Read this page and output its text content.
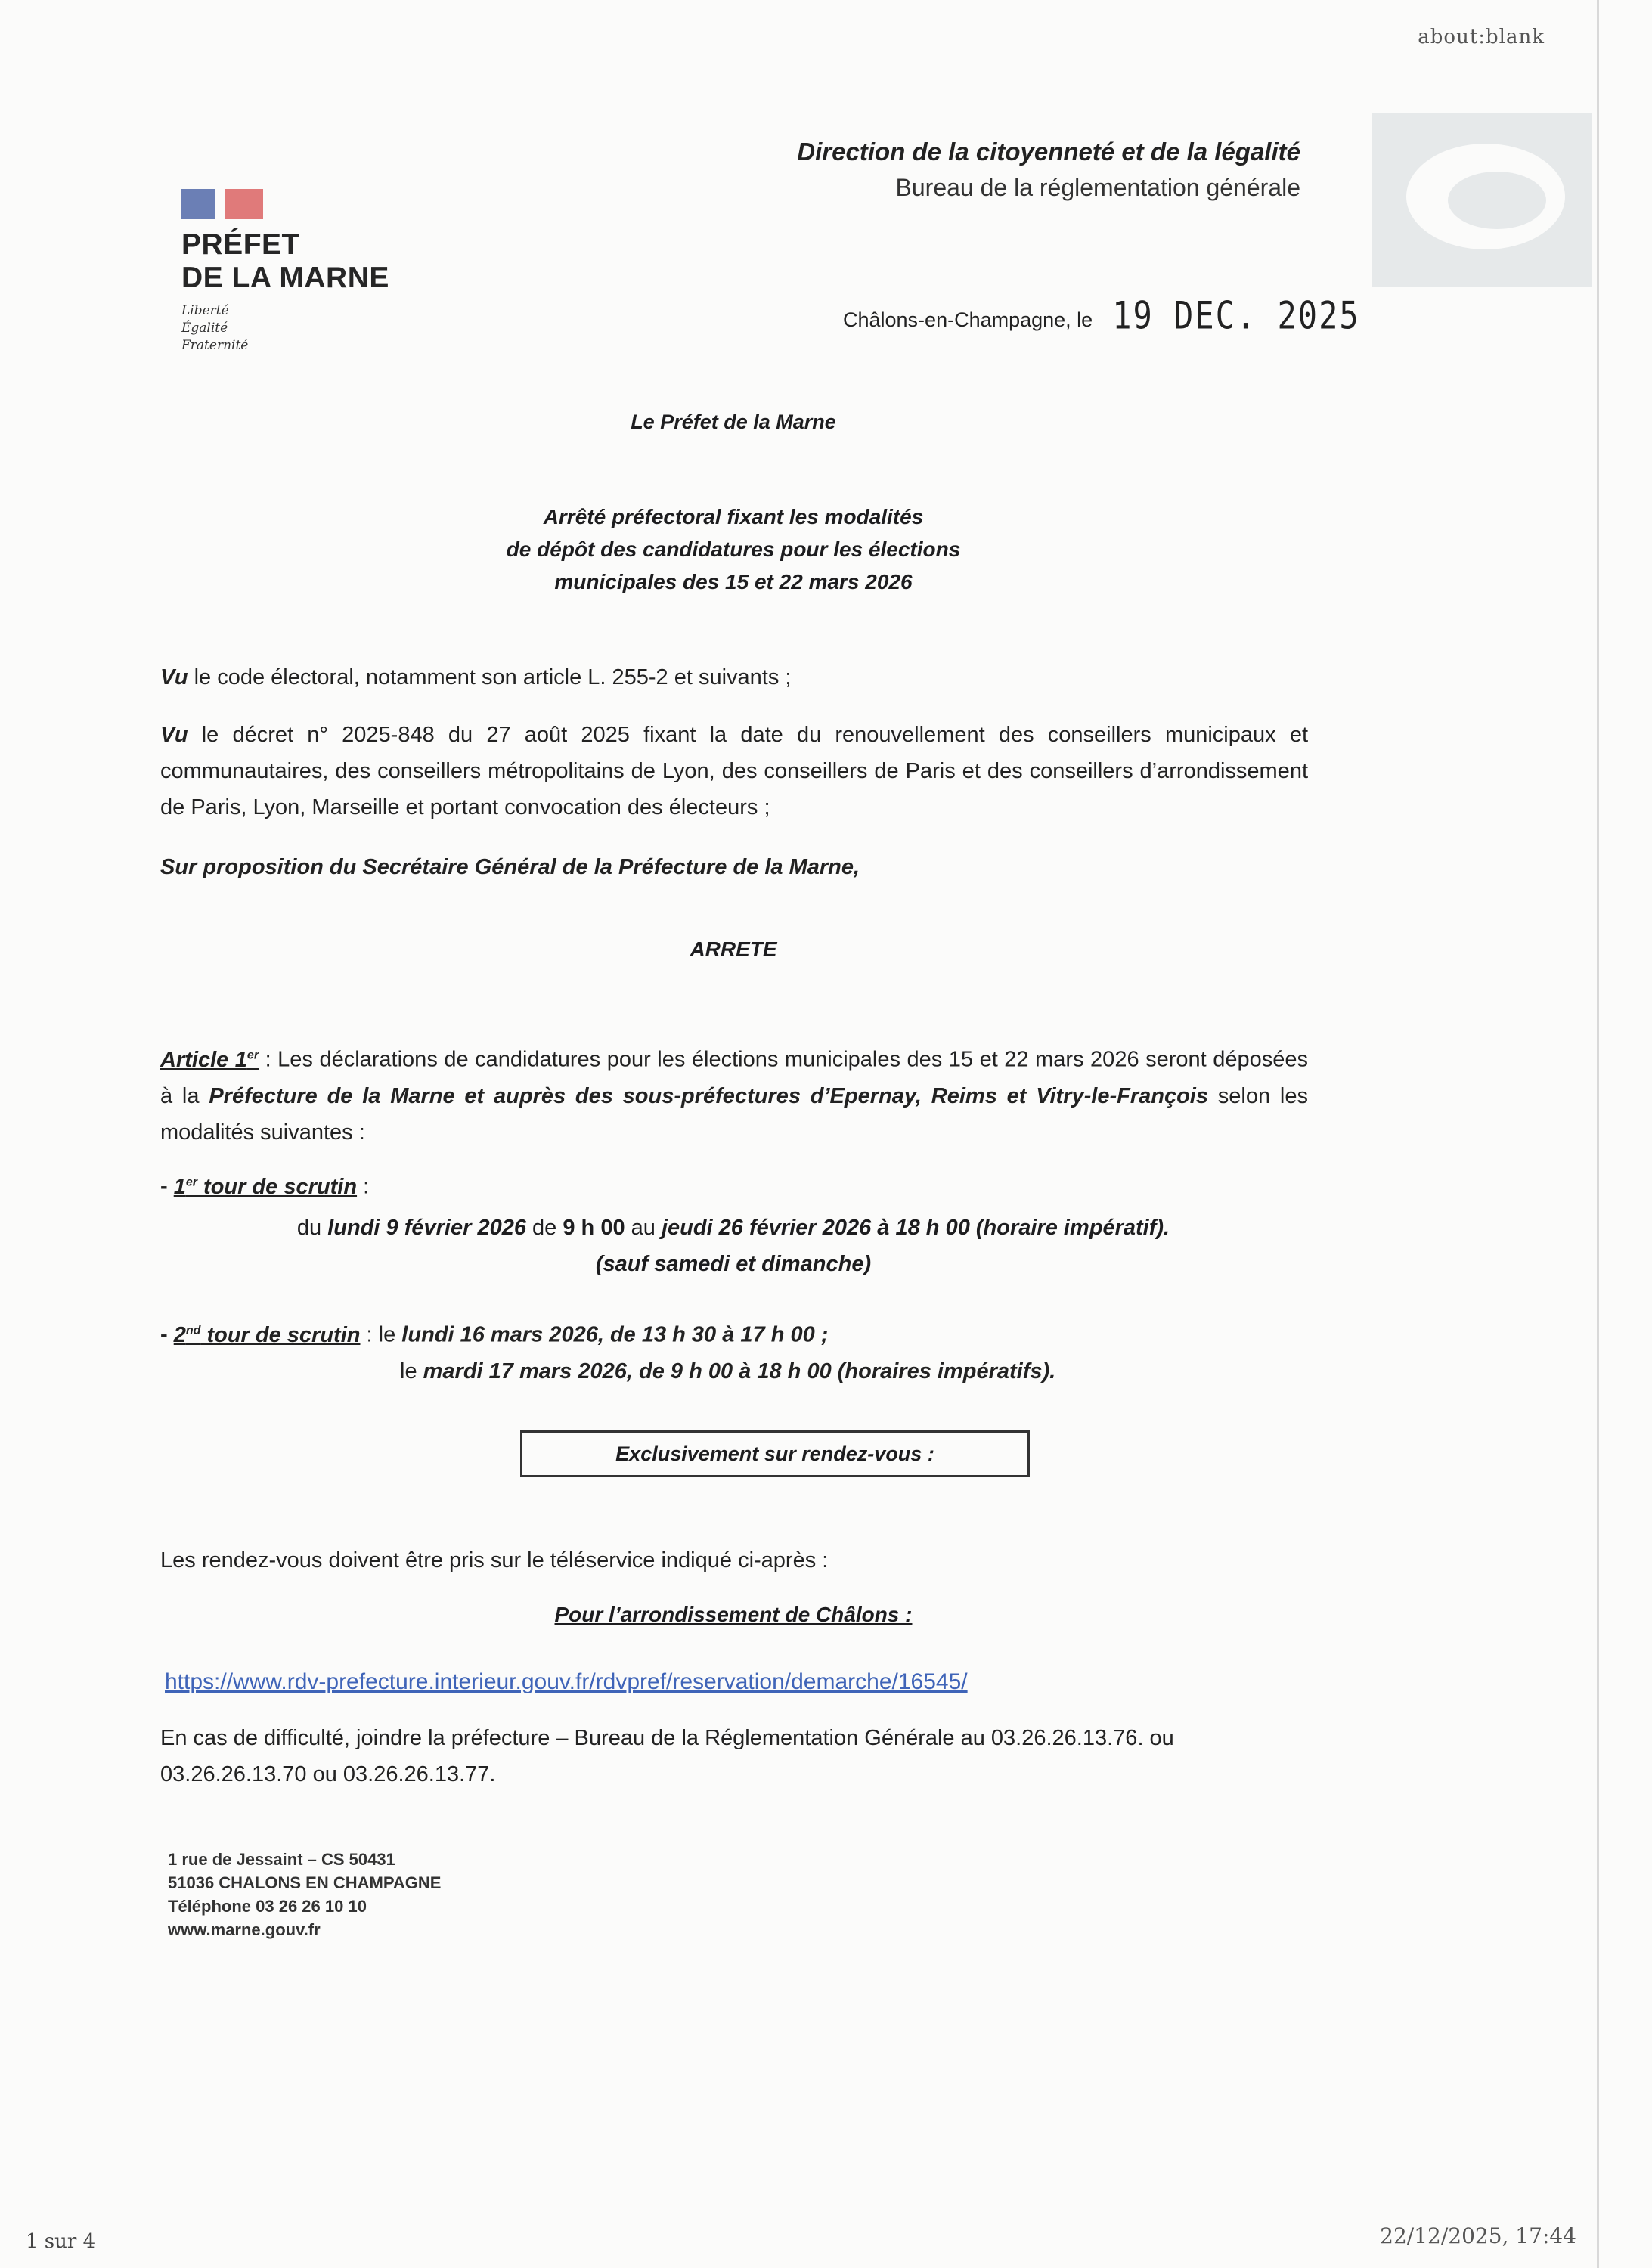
about:blank
PRÉFET
DE LA MARNE
Liberté
Égalité
Fraternité
Direction de la citoyenneté et de la légalité
Bureau de la réglementation générale
Châlons-en-Champagne, le 19 DEC. 2025
Le Préfet de la Marne
Arrêté préfectoral fixant les modalités
de dépôt des candidatures pour les élections
municipales des 15 et 22 mars 2026
Vu le code électoral, notamment son article L. 255-2 et suivants ;
Vu le décret n° 2025-848 du 27 août 2025 fixant la date du renouvellement des conseillers municipaux et communautaires, des conseillers métropolitains de Lyon, des conseillers de Paris et des conseillers d’arrondissement de Paris, Lyon, Marseille et portant convocation des électeurs ;
Sur proposition du Secrétaire Général de la Préfecture de la Marne,
ARRETE
Article 1er : Les déclarations de candidatures pour les élections municipales des 15 et 22 mars 2026 seront déposées à la Préfecture de la Marne et auprès des sous-préfectures d’Epernay, Reims et Vitry-le-François selon les modalités suivantes :
- 1er tour de scrutin :
du lundi 9 février 2026 de 9 h 00 au jeudi 26 février 2026 à 18 h 00 (horaire impératif).
(sauf samedi et dimanche)
- 2nd tour de scrutin : le lundi 16 mars 2026, de 13 h 30 à 17 h 00 ;
le mardi 17 mars 2026, de 9 h 00 à 18 h 00 (horaires impératifs).
Exclusivement sur rendez-vous :
Les rendez-vous doivent être pris sur le téléservice indiqué ci-après :
Pour l’arrondissement de Châlons :
https://www.rdv-prefecture.interieur.gouv.fr/rdvpref/reservation/demarche/16545/
En cas de difficulté, joindre la préfecture – Bureau de la Réglementation Générale au 03.26.26.13.76. ou 03.26.26.13.70 ou 03.26.26.13.77.
1 rue de Jessaint – CS 50431
51036 CHALONS EN CHAMPAGNE
Téléphone 03 26 26 10 10
www.marne.gouv.fr
1 sur 4	22/12/2025, 17:44
